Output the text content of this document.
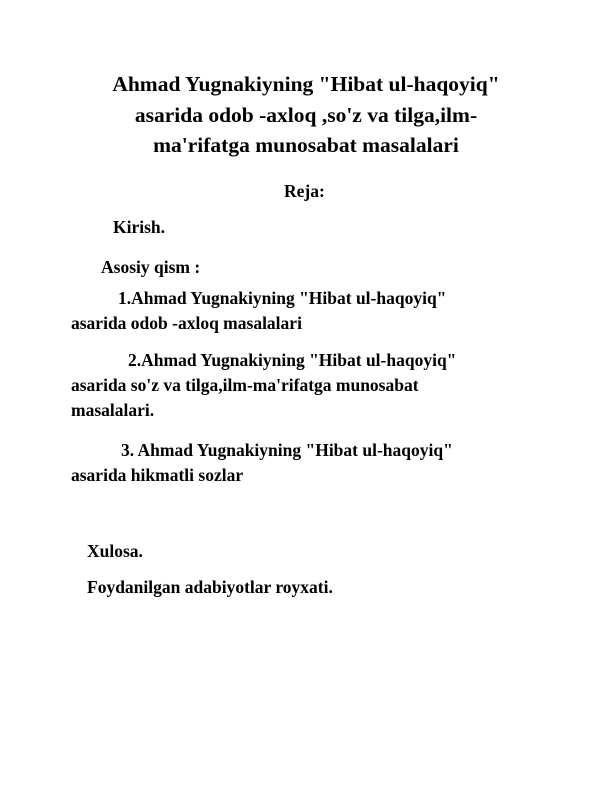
Ahmad Yugnakiyning "Hibat ul-haqoyiq"
asarida odob -axloq ,so'z va tilga,ilm-
ma'rifatga munosabat masalalari

Reja:

Kirish.

Asosiy qism :

1.Ahmad Yugnakiyning "Hibat ul-haqoyiq"
asarida odob -axloq masalalari
2.Ahmad Yugnakiyning "Hibat ul-haqoyiq"
asarida so'z va tilga,ilm-ma'rifatga munosabat
masalalari.
3. Ahmad Yugnakiyning "Hibat ul-haqoyiq"
asarida hikmatli sozlar

Xulosa.

Foydanilgan adabiyotlar royxati.
